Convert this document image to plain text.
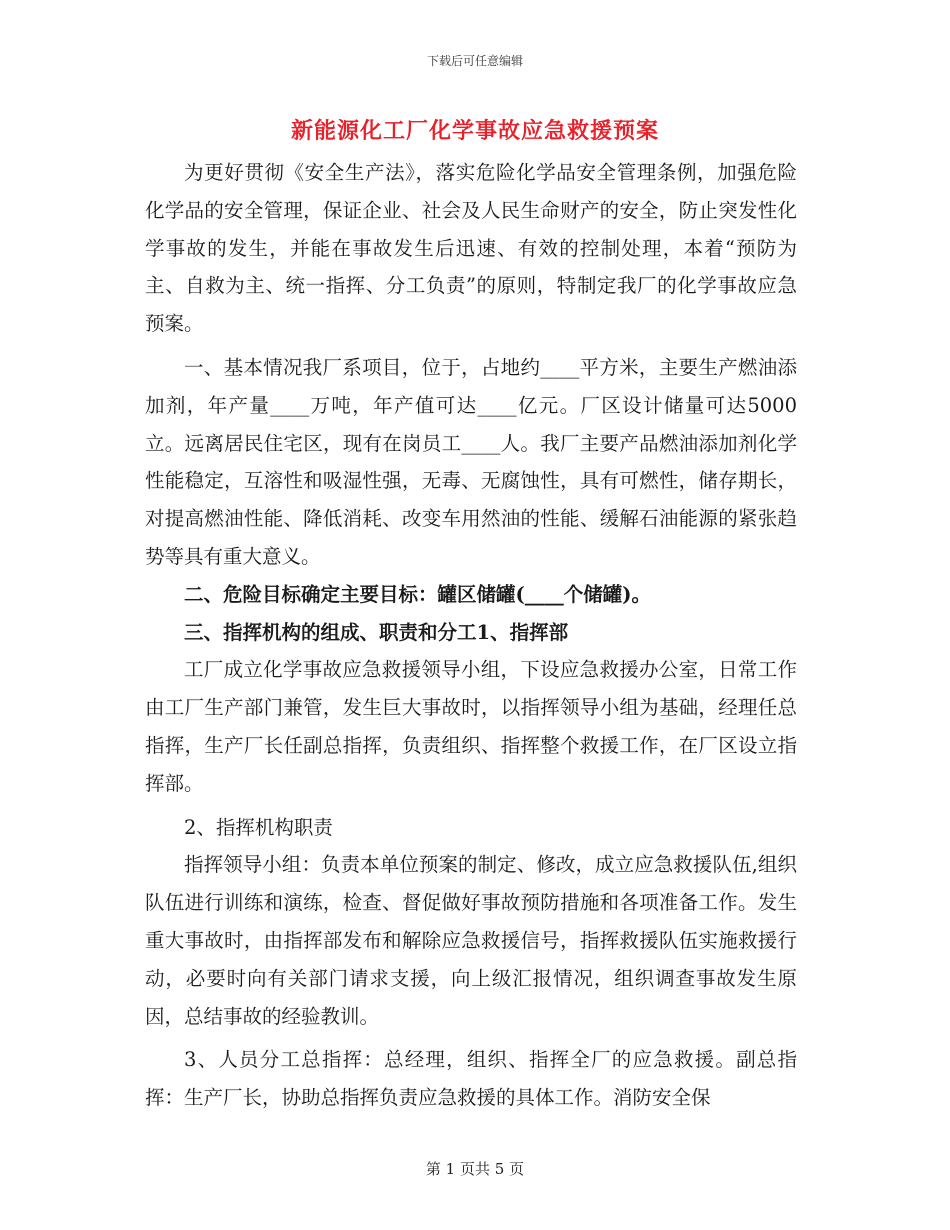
下载后可任意编辑
新能源化工厂化学事故应急救援预案

为更好贯彻《安全生产法》，落实危险化学品安全管理条例，加强危险化学品的安全管理，保证企业、社会及人民生命财产的安全，防止突发性化学事故的发生，并能在事故发生后迅速、有效的控制处理，本着“预防为主、自救为主、统一指挥、分工负责”的原则，特制定我厂的化学事故应急预案。

一、基本情况我厂系项目，位于，占地约____平方米，主要生产燃油添加剂，年产量____万吨，年产值可达____亿元。厂区设计储量可达5000立。远离居民住宅区，现有在岗员工____人。我厂主要产品燃油添加剂化学性能稳定，互溶性和吸湿性强，无毒、无腐蚀性，具有可燃性，储存期长，对提高燃油性能、降低消耗、改变车用然油的性能、缓解石油能源的紧张趋势等具有重大意义。

二、危险目标确定主要目标：罐区储罐(____个储罐)。

三、指挥机构的组成、职责和分工1、指挥部

工厂成立化学事故应急救援领导小组，下设应急救援办公室，日常工作由工厂生产部门兼管，发生巨大事故时，以指挥领导小组为基础，经理任总指挥，生产厂长任副总指挥，负责组织、指挥整个救援工作，在厂区设立指挥部。

2、指挥机构职责

指挥领导小组：负责本单位预案的制定、修改，成立应急救援队伍,组织队伍进行训练和演练，检查、督促做好事故预防措施和各项准备工作。发生重大事故时，由指挥部发布和解除应急救援信号，指挥救援队伍实施救援行动，必要时向有关部门请求支援，向上级汇报情况，组织调查事故发生原因，总结事故的经验教训。

3、人员分工总指挥：总经理，组织、指挥全厂的应急救援。副总指挥：生产厂长，协助总指挥负责应急救援的具体工作。消防安全保

第 1 页共 5 页
